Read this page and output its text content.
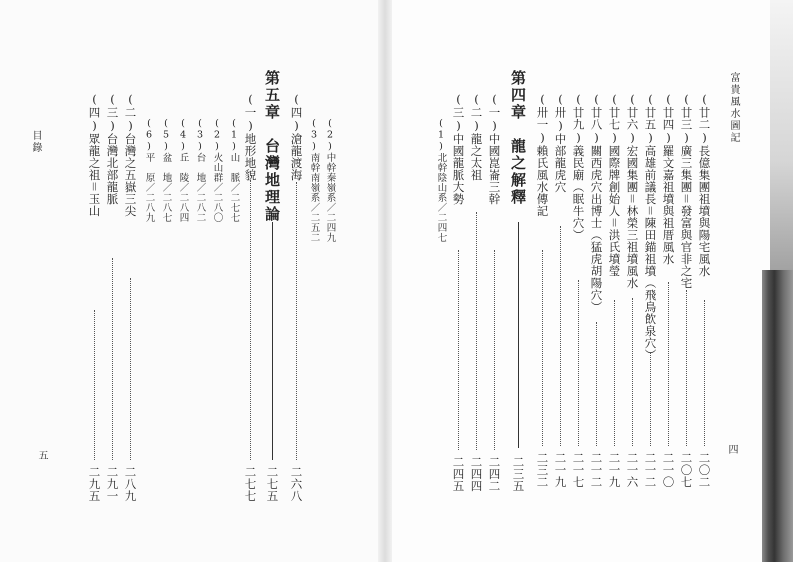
目錄
五
(四)眾龍之祖＝玉山
二九五
(三)台灣北部龍脈
二九一
(二)台灣之五嶽三尖
二八九
(6)平　原／二八九 (5)盆　地／二八七 (4)丘　陵／二八四 (3)台　地／二八二 (2)火山群／二八〇 (1)山　脈／二七七 (一)地形地貌
二七七
第五章　台灣地理論
二七五
(四)滄龍渡海
二六八
(3)南幹南嶺系／二五二 (2)中幹秦嶺系／二四九
富貴風水圖記
四
(1)北幹陰山系／二四七 (三)中國龍脈大勢
二四五
(二)龍之太祖
二四四
(一)中國崑崙三幹
二四二
第四章　龍之解釋
二三五
(卅一)賴氏風水傳記
二三二
(卅)中部龍虎穴
二一九
(廿九)義民廟（眠牛穴）
二一七
(廿八)關西虎穴出博士（猛虎胡陽穴）
二一二
(廿七)國際牌創始人＝洪氏墳瑩
二一九
(廿六)宏國集團＝林榮三祖墳風水
二一六
(廿五)高雄前議長＝陳田錨祖墳（飛鳥飲泉穴）
二一二
(廿四)羅文嘉祖墳與祖厝風水
二一〇
(廿三)廣三集團＝發富與官非之宅
二〇七
(廿二)長億集團祖墳與陽宅風水
二〇二
